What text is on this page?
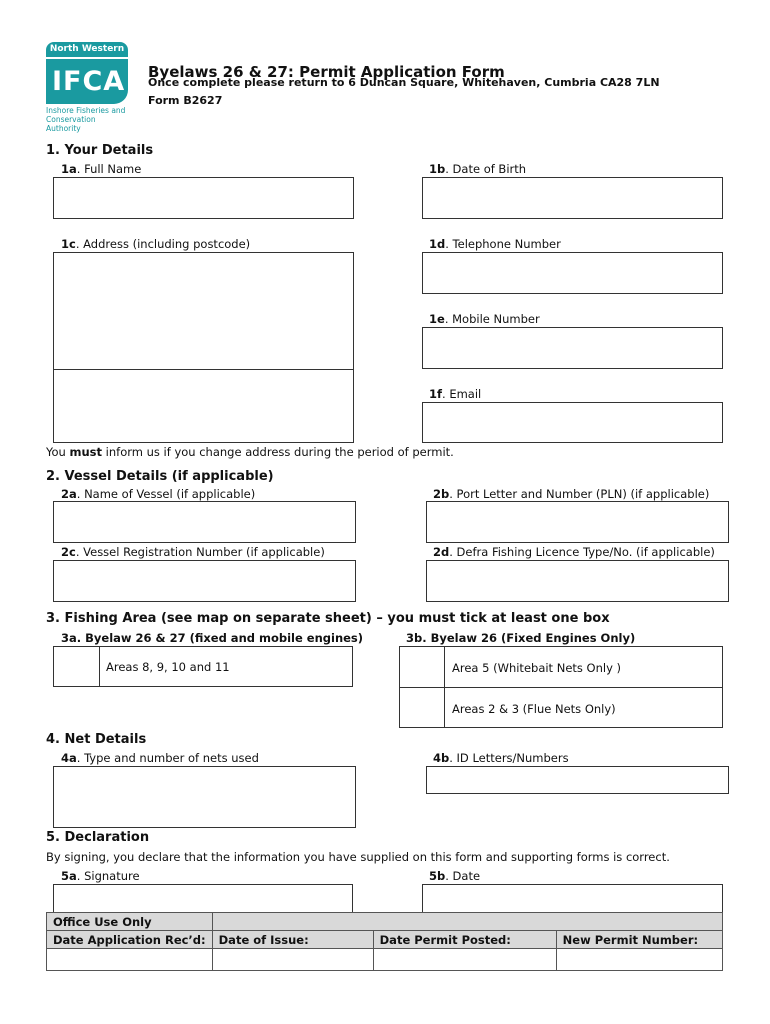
North Western
IFCA
Inshore Fisheries and
Conservation Authority
Byelaws 26 & 27: Permit Application Form
Once complete please return to 6 Duncan Square, Whitehaven, Cumbria CA28 7LN
Form B2627
1. Your Details
1a. Full Name	1b. Date of Birth
1c. Address (including postcode)	1d. Telephone Number
1e. Mobile Number
1f. Email
You must inform us if you change address during the period of permit.
2. Vessel Details (if applicable)
2a. Name of Vessel (if applicable)	2b. Port Letter and Number (PLN) (if applicable)
2c. Vessel Registration Number (if applicable)	2d. Defra Fishing Licence Type/No. (if applicable)
3. Fishing Area (see map on separate sheet) – you must tick at least one box
3a. Byelaw 26 & 27 (fixed and mobile engines)	3b. Byelaw 26 (Fixed Engines Only)
Areas 8, 9, 10 and 11	Area 5 (Whitebait Nets Only )
Areas 2 & 3 (Flue Nets Only)
4. Net Details
4a. Type and number of nets used	4b. ID Letters/Numbers
5. Declaration
By signing, you declare that the information you have supplied on this form and supporting forms is correct.
5a. Signature	5b. Date
Office Use Only			
Date Application Rec’d:	Date of Issue:	Date Permit Posted:	New Permit Number:
